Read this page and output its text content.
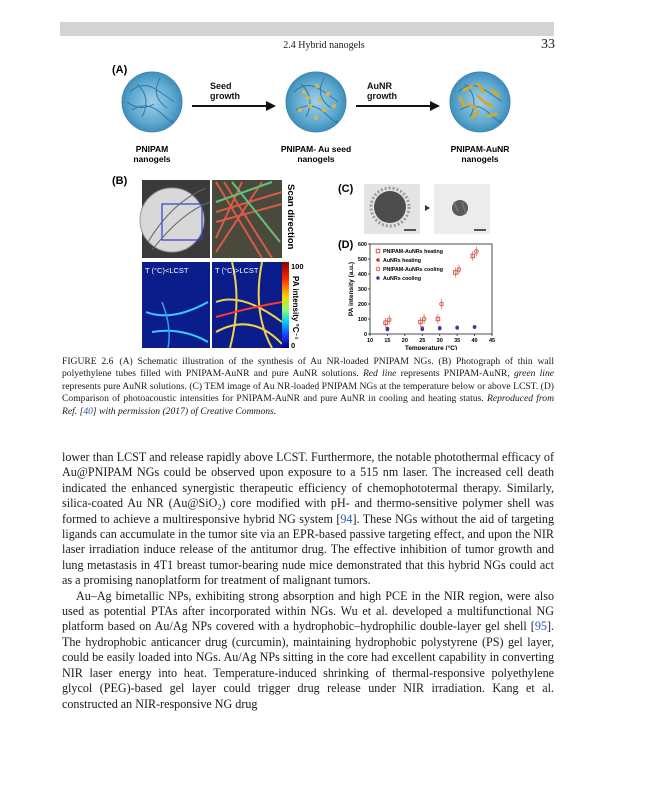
2.4 Hybrid nanogels	33
(A)
Seed growth
AuNR growth
PNIPAM nanogels
PNIPAM- Au seed nanogels
PNIPAM-AuNR nanogels
(B)
T (°C)<LCST	T (°C)>LCST
Scan direction
100
0
PA intensity °C⁻¹
(C)
(D)
10 15 20 25 30 35 40 45
0
100
200
300
400
500
600
Temperature (°C)
PA intensity (a.u.)
PNIPAM-AuNRs heating
AuNRs heating
PNIPAM-AuNRs cooling
AuNRs cooling
FIGURE 2.6 (A) Schematic illustration of the synthesis of Au NR-loaded PNIPAM NGs. (B) Photograph of thin wall polyethylene tubes filled with PNIPAM-AuNR and pure AuNR solutions. Red line represents PNIPAM-AuNR, green line represents pure AuNR solutions. (C) TEM image of Au NR-loaded PNIPAM NGs at the temperature below or above LCST. (D) Comparison of photoacoustic intensities for PNIPAM-AuNR and pure AuNR in cooling and heating status. Reproduced from Ref. [40] with permission (2017) of Creative Commons.

lower than LCST and release rapidly above LCST. Furthermore, the notable photothermal efficacy of Au@PNIPAM NGs could be observed upon exposure to a 515 nm laser. The increased cell death indicated the enhanced synergistic therapeutic efficiency of chemophototermal therapy. Similarly, silica-coated Au NR (Au@SiO₂) core modified with pH- and thermo-sensitive polymer shell was formed to achieve a multiresponsive hybrid NG system [94]. These NGs without the aid of targeting ligands can accumulate in the tumor site via an EPR-based passive targeting effect, and upon the NIR laser irradiation induce release of the antitumor drug. The effective inhibition of tumor growth and lung metastasis in 4T1 breast tumor-bearing nude mice demonstrated that this hybrid NGs could act as a promising nanoplatform for treatment of malignant tumors.

Au–Ag bimetallic NPs, exhibiting strong absorption and high PCE in the NIR region, were also used as potential PTAs after incorporated within NGs. Wu et al. developed a multifunctional NG platform based on Au/Ag NPs covered with a hydrophobic–hydrophilic double-layer gel shell [95]. The hydrophobic anticancer drug (curcumin), maintaining hydrophobic polystyrene (PS) gel layer, could be easily loaded into NGs. Au/Ag NPs sitting in the core had excellent capability in converting NIR laser energy into heat. Temperature-induced shrinking of thermal-responsive polyethylene glycol (PEG)-based gel layer could trigger drug release under NIR irradiation. Kang et al. constructed an NIR-responsive NG drug
